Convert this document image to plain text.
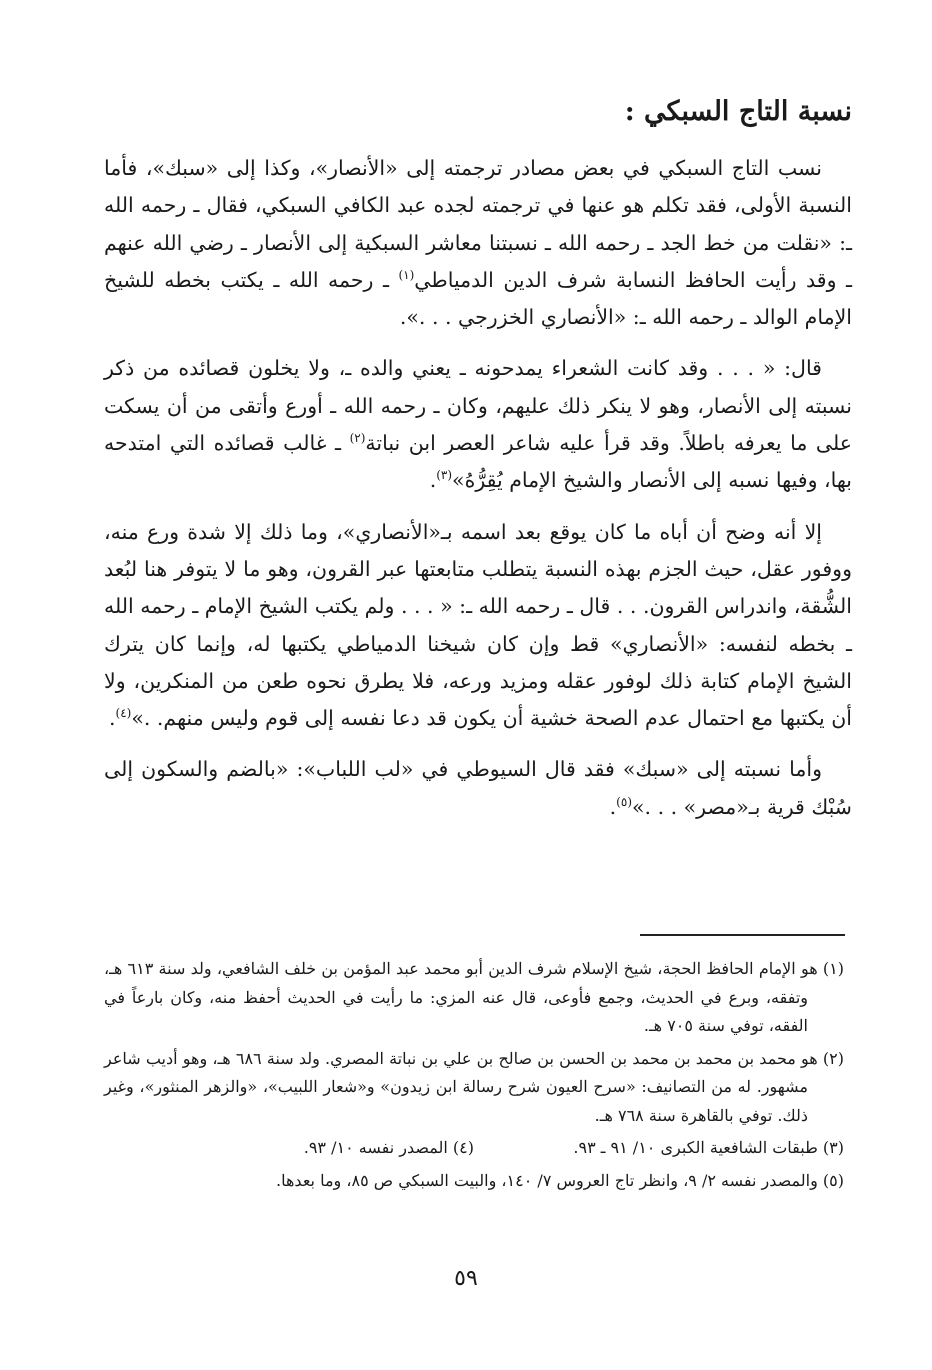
نسبة التاج السبكي :

نسب التاج السبكي في بعض مصادر ترجمته إلى «الأنصار»، وكذا إلى «سبك»، فأما النسبة الأولى، فقد تكلم هو عنها في ترجمته لجده عبد الكافي السبكي، فقال ـ رحمه الله ـ: «نقلت من خط الجد ـ رحمه الله ـ نسبتنا معاشر السبكية إلى الأنصار ـ رضي الله عنهم ـ وقد رأيت الحافظ النسابة شرف الدين الدمياطي$^{(١)}$ ـ رحمه الله ـ يكتب بخطه للشيخ الإمام الوالد ـ رحمه الله ـ: «الأنصاري الخزرجي . . .».

قال: « . . . وقد كانت الشعراء يمدحونه ـ يعني والده ـ، ولا يخلون قصائده من ذكر نسبته إلى الأنصار، وهو لا ينكر ذلك عليهم، وكان ـ رحمه الله ـ أورع وأتقى من أن يسكت على ما يعرفه باطلاً. وقد قرأ عليه شاعر العصر ابن نباتة$^{(٢)}$ ـ غالب قصائده التي امتدحه بها، وفيها نسبه إلى الأنصار والشيخ الإمام يُقِرُّهُ»$^{(٣)}$.

إلا أنه وضح أن أباه ما كان يوقع بعد اسمه بـ«الأنصاري»، وما ذلك إلا شدة ورع منه، ووفور عقل، حيث الجزم بهذه النسبة يتطلب متابعتها عبر القرون، وهو ما لا يتوفر هنا لبُعد الشُّقة، واندراس القرون. . . قال ـ رحمه الله ـ: « . . . ولم يكتب الشيخ الإمام ـ رحمه الله ـ بخطه لنفسه: «الأنصاري» قط وإن كان شيخنا الدمياطي يكتبها له، وإنما كان يترك الشيخ الإمام كتابة ذلك لوفور عقله ومزيد ورعه، فلا يطرق نحوه طعن من المنكرين، ولا أن يكتبها مع احتمال عدم الصحة خشية أن يكون قد دعا نفسه إلى قوم وليس منهم. .»$^{(٤)}$.

وأما نسبته إلى «سبك» فقد قال السيوطي في «لب اللباب»: «بالضم والسكون إلى سُبْك قرية بـ«مصر» . . .»$^{(٥)}$.

(١) هو الإمام الحافظ الحجة، شيخ الإسلام شرف الدين أبو محمد عبد المؤمن بن خلف الشافعي، ولد سنة ٦١٣ هـ، وتفقه، وبرع في الحديث، وجمع فأوعى، قال عنه المزي: ما رأيت في الحديث أحفظ منه، وكان بارعاً في الفقه، توفي سنة ٧٠٥ هـ.

(٢) هو محمد بن محمد بن محمد بن الحسن بن صالح بن علي بن نباتة المصري. ولد سنة ٦٨٦ هـ، وهو أديب شاعر مشهور. له من التصانيف: «سرح العيون شرح رسالة ابن زيدون» و«شعار اللبيب»، «والزهر المنثور»، وغير ذلك. توفي بالقاهرة سنة ٧٦٨ هـ.

(٣) طبقات الشافعية الكبرى ١٠/ ٩١ ـ ٩٣.
(٤) المصدر نفسه ١٠/ ٩٣.

(٥) والمصدر نفسه ٢/ ٩، وانظر تاج العروس ٧/ ١٤٠، والبيت السبكي ص ٨٥، وما بعدها.

٥٩
